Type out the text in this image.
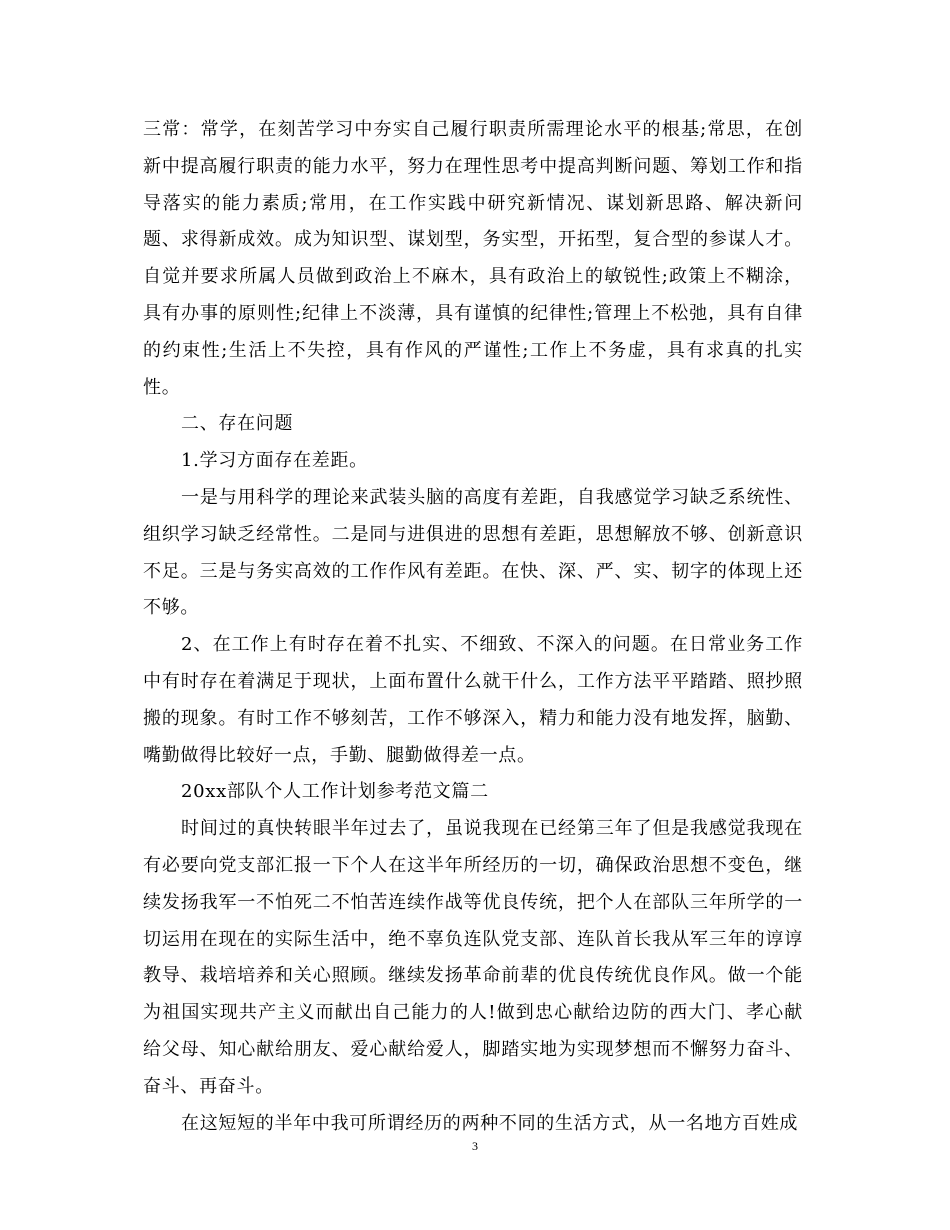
三常：常学，在刻苦学习中夯实自己履行职责所需理论水平的根基;常思，在创新中提高履行职责的能力水平，努力在理性思考中提高判断问题、筹划工作和指导落实的能力素质;常用，在工作实践中研究新情况、谋划新思路、解决新问题、求得新成效。成为知识型、谋划型，务实型，开拓型，复合型的参谋人才。自觉并要求所属人员做到政治上不麻木，具有政治上的敏锐性;政策上不糊涂，具有办事的原则性;纪律上不淡薄，具有谨慎的纪律性;管理上不松弛，具有自律的约束性;生活上不失控，具有作风的严谨性;工作上不务虚，具有求真的扎实性。

二、存在问题

1.学习方面存在差距。

一是与用科学的理论来武装头脑的高度有差距，自我感觉学习缺乏系统性、组织学习缺乏经常性。二是同与进俱进的思想有差距，思想解放不够、创新意识不足。三是与务实高效的工作作风有差距。在快、深、严、实、韧字的体现上还不够。

2、在工作上有时存在着不扎实、不细致、不深入的问题。在日常业务工作中有时存在着满足于现状，上面布置什么就干什么，工作方法平平踏踏、照抄照搬的现象。有时工作不够刻苦，工作不够深入，精力和能力没有地发挥，脑勤、嘴勤做得比较好一点，手勤、腿勤做得差一点。

20xx部队个人工作计划参考范文篇二

时间过的真快转眼半年过去了，虽说我现在已经第三年了但是我感觉我现在有必要向党支部汇报一下个人在这半年所经历的一切，确保政治思想不变色，继续发扬我军一不怕死二不怕苦连续作战等优良传统，把个人在部队三年所学的一切运用在现在的实际生活中，绝不辜负连队党支部、连队首长我从军三年的谆谆教导、栽培培养和关心照顾。继续发扬革命前辈的优良传统优良作风。做一个能为祖国实现共产主义而献出自己能力的人!做到忠心献给边防的西大门、孝心献给父母、知心献给朋友、爱心献给爱人，脚踏实地为实现梦想而不懈努力奋斗、奋斗、再奋斗。

在这短短的半年中我可所谓经历的两种不同的生活方式，从一名地方百姓成

3
